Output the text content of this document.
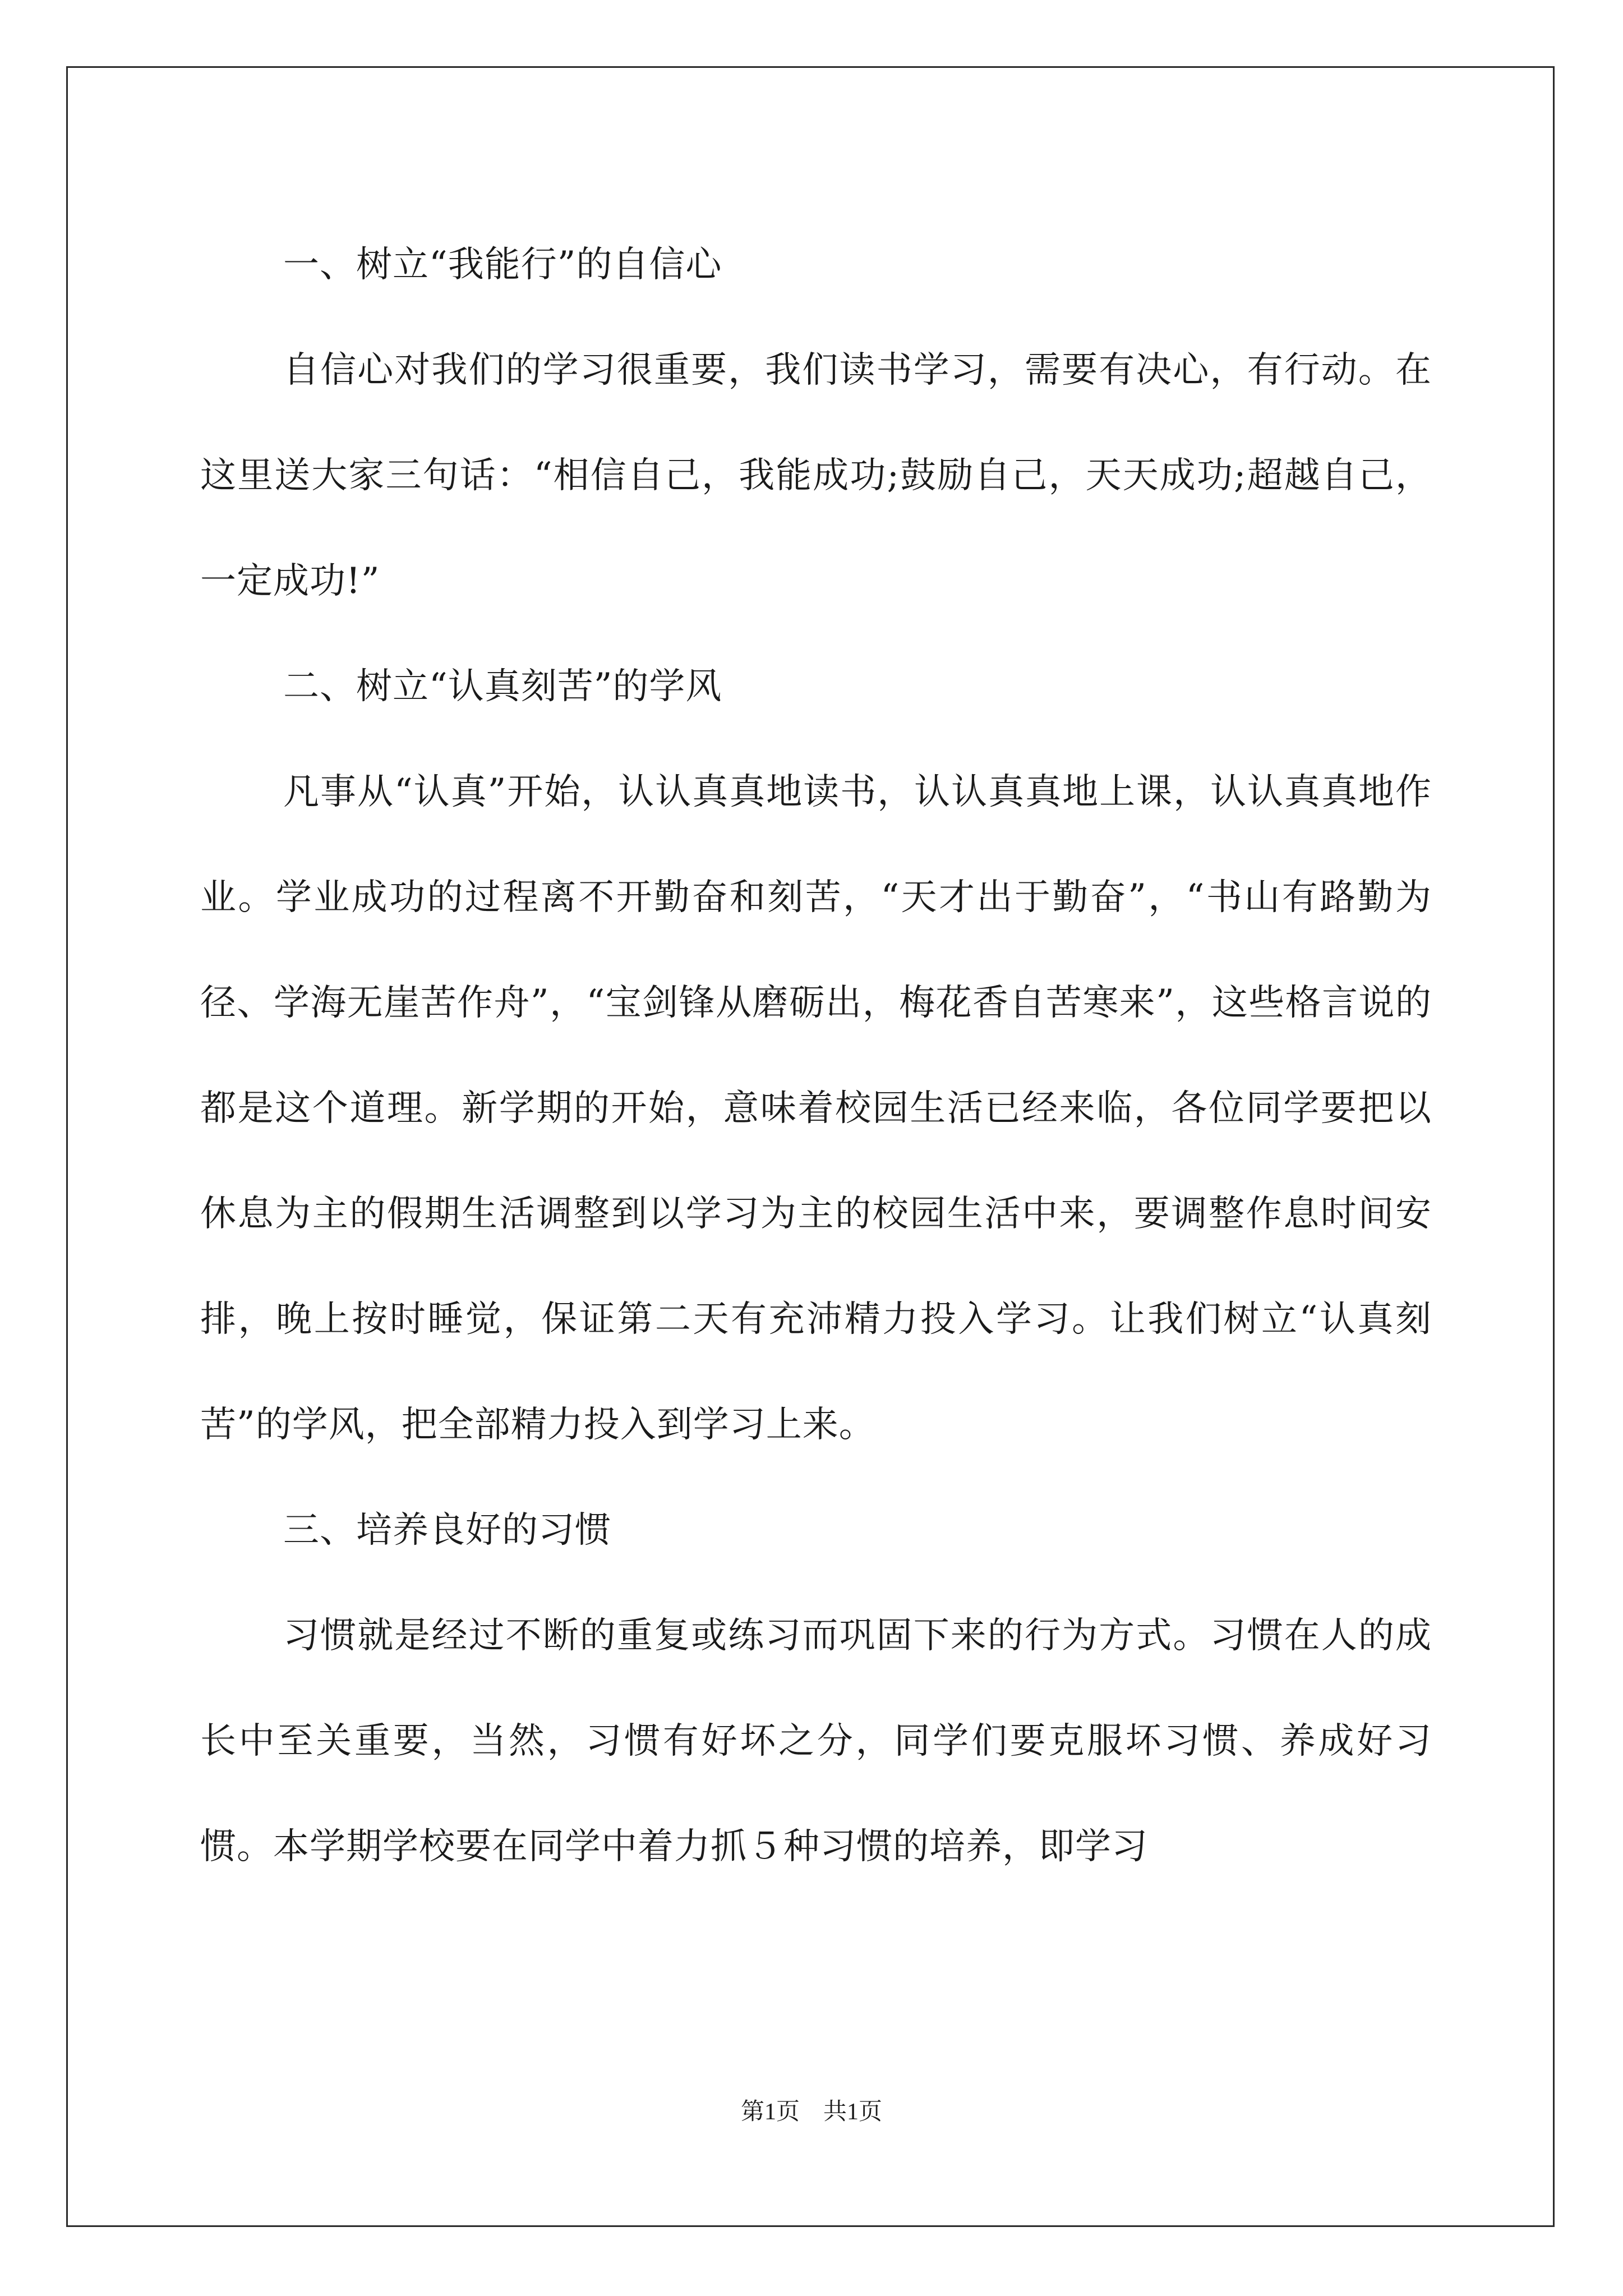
一、树立“我能行”的自信心

自信心对我们的学习很重要，我们读书学习，需要有决心，有行动。在这里送大家三句话：“相信自己，我能成功;鼓励自己，天天成功;超越自己，一定成功!”

二、树立“认真刻苦”的学风

凡事从“认真”开始，认认真真地读书，认认真真地上课，认认真真地作业。学业成功的过程离不开勤奋和刻苦，“天才出于勤奋”，“书山有路勤为径、学海无崖苦作舟”，“宝剑锋从磨砺出，梅花香自苦寒来”，这些格言说的都是这个道理。新学期的开始，意味着校园生活已经来临，各位同学要把以休息为主的假期生活调整到以学习为主的校园生活中来，要调整作息时间安排，晚上按时睡觉，保证第二天有充沛精力投入学习。让我们树立“认真刻苦”的学风，把全部精力投入到学习上来。

三、培养良好的习惯

习惯就是经过不断的重复或练习而巩固下来的行为方式。习惯在人的成长中至关重要，当然，习惯有好坏之分，同学们要克服坏习惯、养成好习惯。本学期学校要在同学中着力抓５种习惯的培养，即学习

第1页　共1页
